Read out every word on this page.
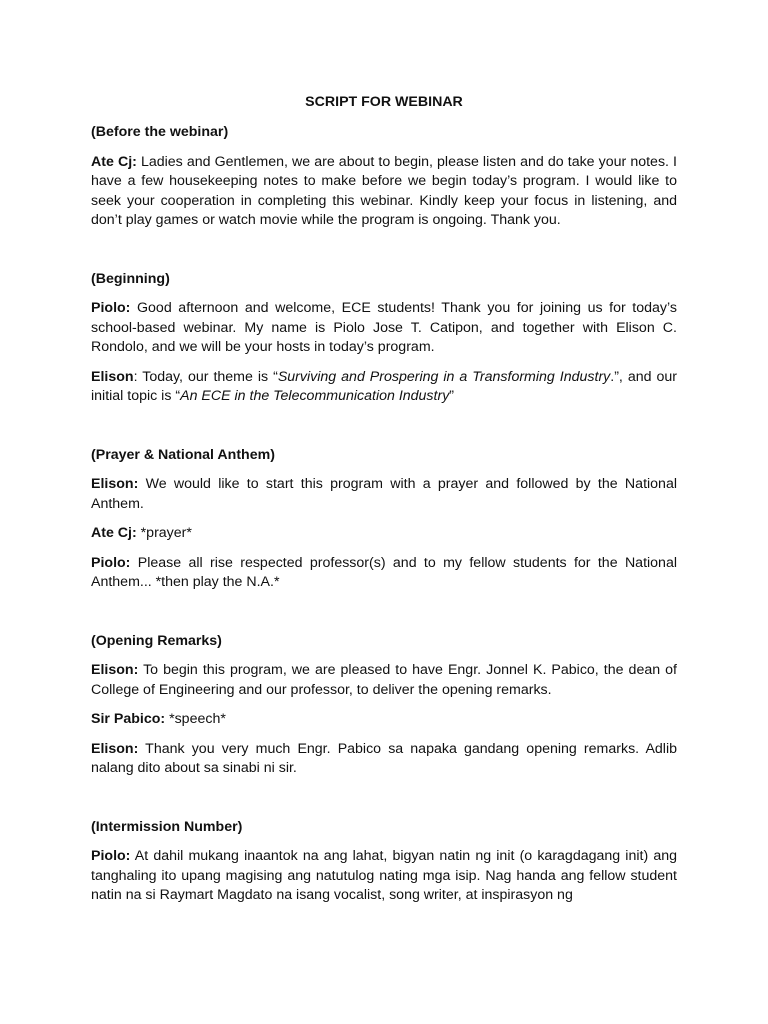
SCRIPT FOR WEBINAR
(Before the webinar)

Ate Cj: Ladies and Gentlemen, we are about to begin, please listen and do take your notes. I have a few housekeeping notes to make before we begin today’s program. I would like to seek your cooperation in completing this webinar. Kindly keep your focus in listening, and don’t play games or watch movie while the program is ongoing. Thank you.

(Beginning)

Piolo: Good afternoon and welcome, ECE students! Thank you for joining us for today’s school-based webinar. My name is Piolo Jose T. Catipon, and together with Elison C. Rondolo, and we will be your hosts in today’s program.

Elison: Today, our theme is “Surviving and Prospering in a Transforming Industry.”, and our initial topic is “An ECE in the Telecommunication Industry”

(Prayer & National Anthem)

Elison: We would like to start this program with a prayer and followed by the National Anthem.

Ate Cj: *prayer*

Piolo: Please all rise respected professor(s) and to my fellow students for the National Anthem... *then play the N.A.*

(Opening Remarks)

Elison: To begin this program, we are pleased to have Engr. Jonnel K. Pabico, the dean of College of Engineering and our professor, to deliver the opening remarks.

Sir Pabico: *speech*

Elison: Thank you very much Engr. Pabico sa napaka gandang opening remarks. Adlib nalang dito about sa sinabi ni sir.

(Intermission Number)

Piolo: At dahil mukang inaantok na ang lahat, bigyan natin ng init (o karagdagang init) ang tanghaling ito upang magising ang natutulog nating mga isip. Nag handa ang fellow student natin na si Raymart Magdato na isang vocalist, song writer, at inspirasyon ng
